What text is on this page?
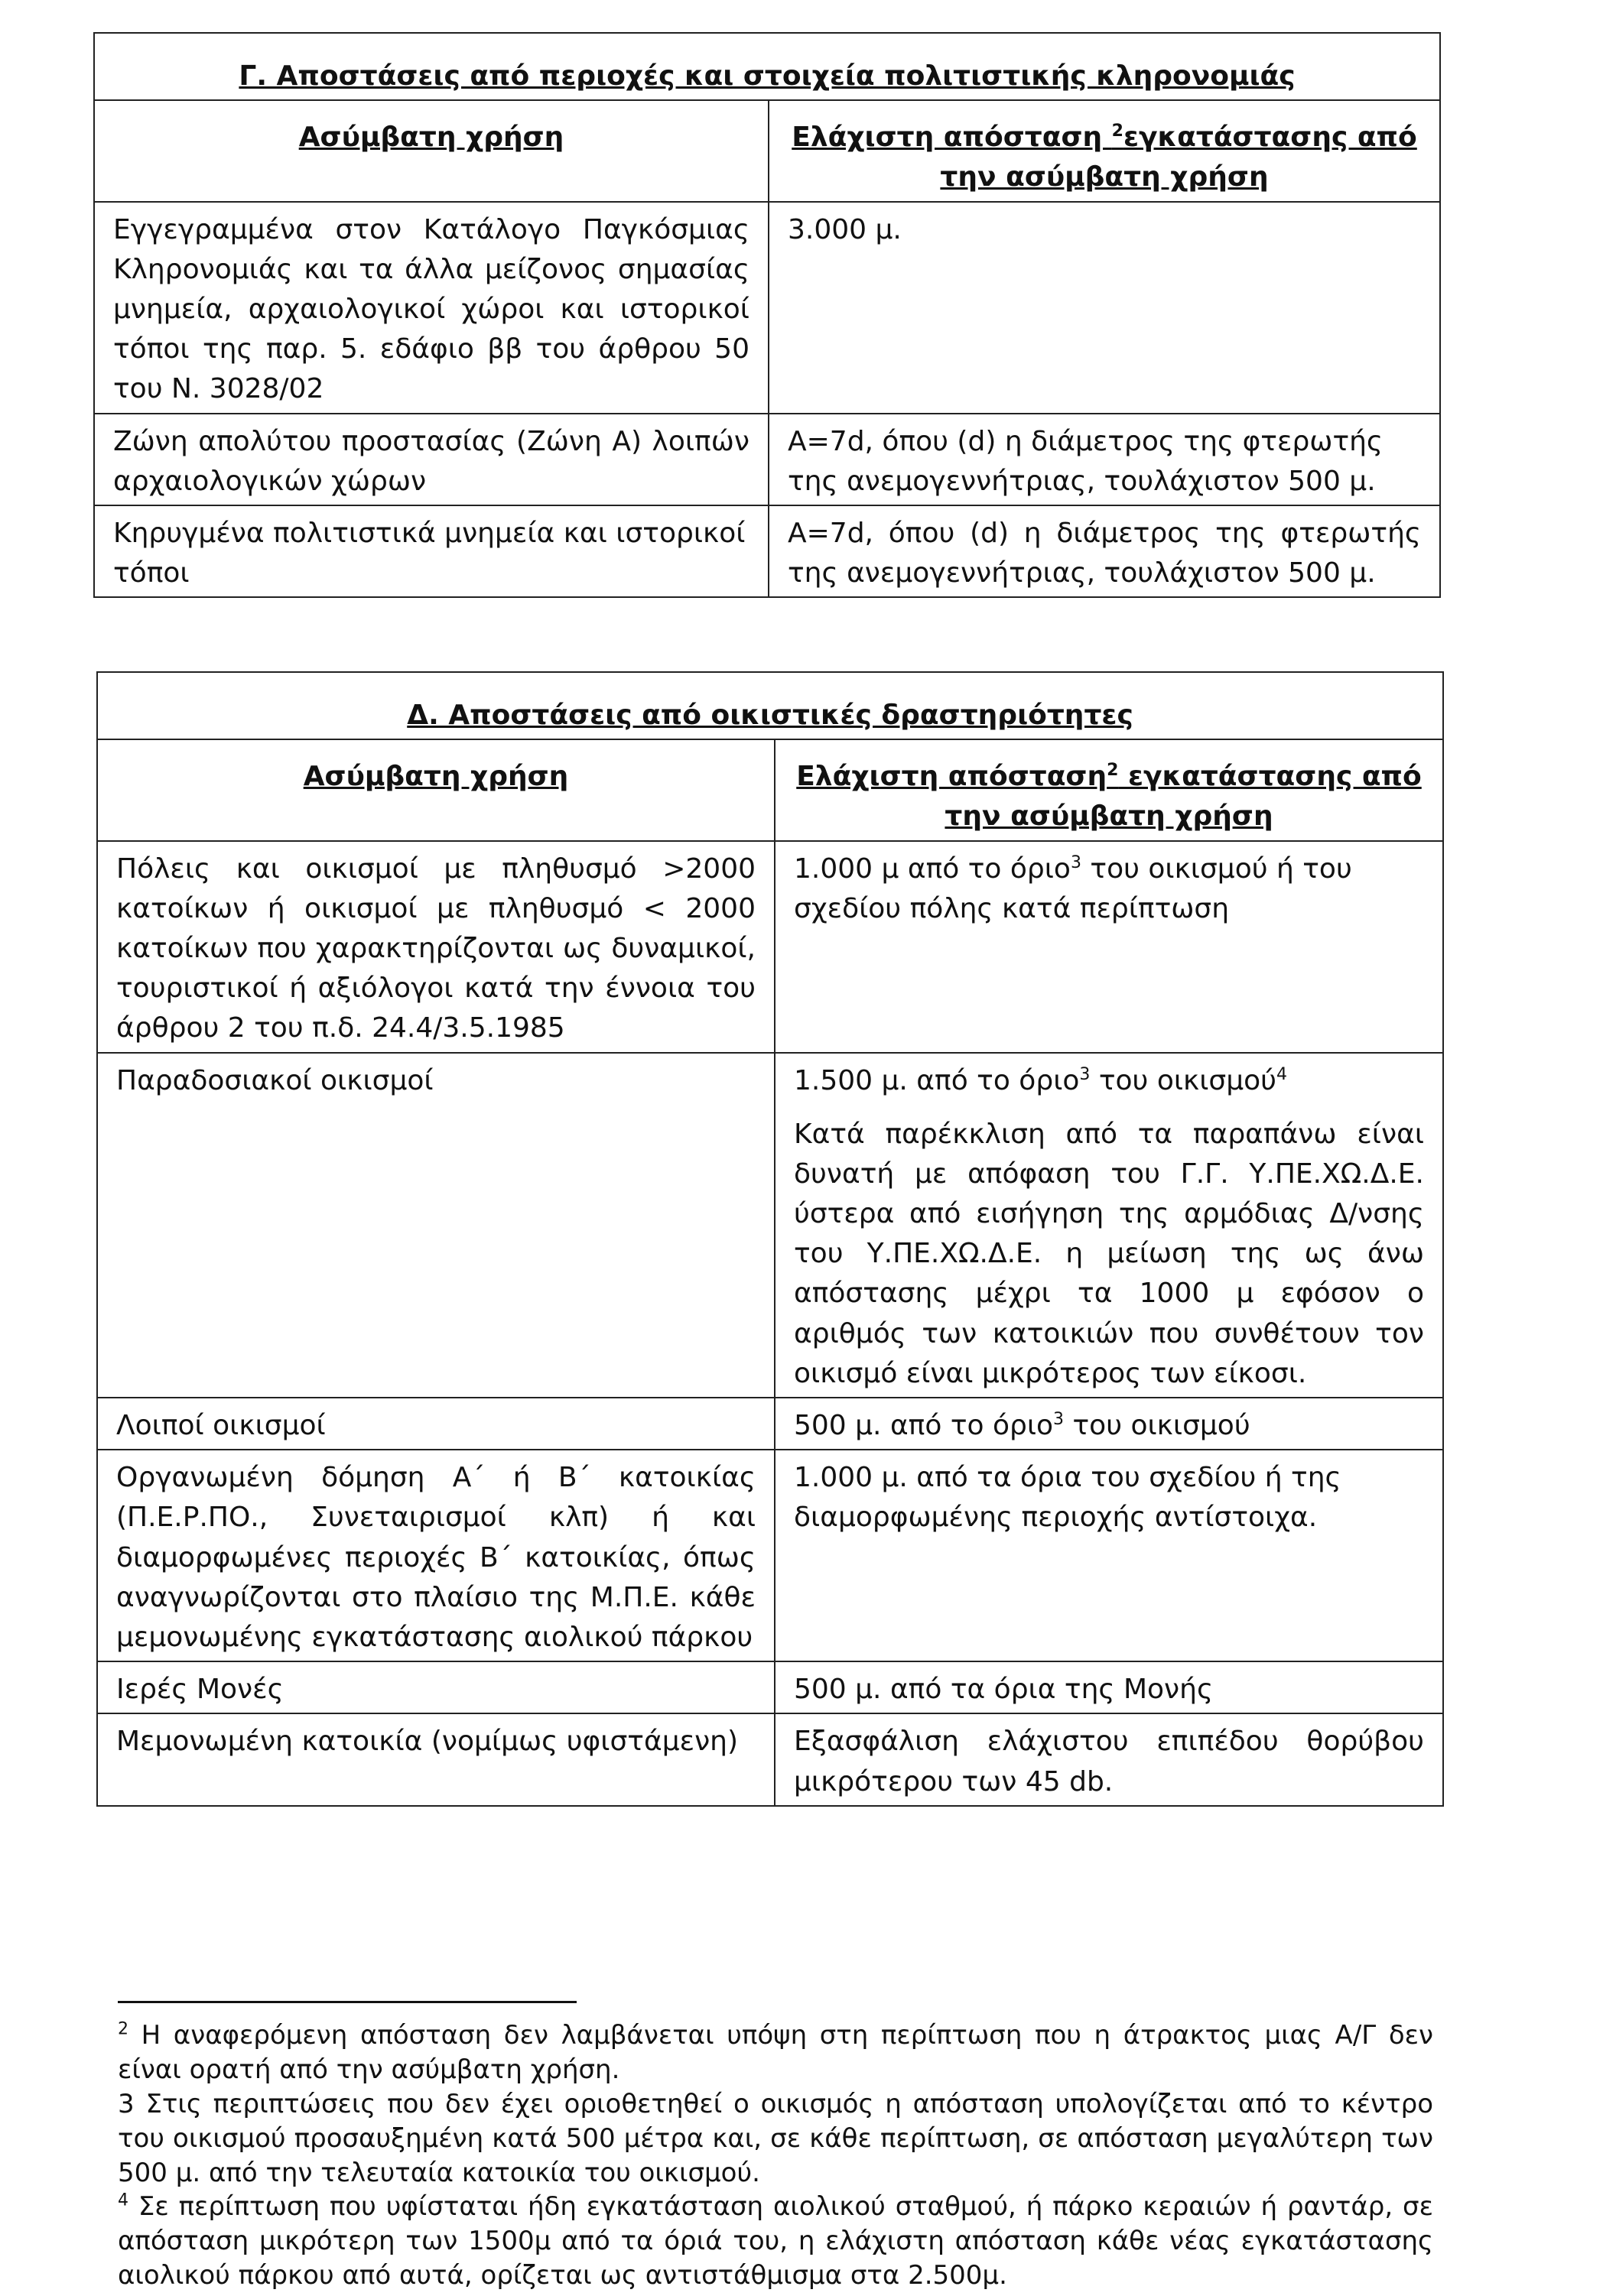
Γ. Αποστάσεις από περιοχές και στοιχεία πολιτιστικής κληρονομιάς	
Ασύμβατη χρήση	Ελάχιστη απόσταση $^2$εγκατάστασης από την ασύμβατη χρήση
Εγγεγραμμένα στον Κατάλογο Παγκόσμιας Κληρονομιάς και τα άλλα μείζονος σημασίας μνημεία, αρχαιολογικοί χώροι και ιστορικοί τόποι της παρ. 5. εδάφιο ββ του άρθρου 50 του Ν. 3028/02	3.000 μ.
Ζώνη απολύτου προστασίας (Ζώνη Α) λοιπών αρχαιολογικών χώρων	Α=7d, όπου (d) η διάμετρος της φτερωτής της ανεμογεννήτριας, τουλάχιστον 500 μ.
Κηρυγμένα πολιτιστικά μνημεία και ιστορικοί τόποι	Α=7d, όπου (d) η διάμετρος της φτερωτής της ανεμογεννήτριας, τουλάχιστον 500 μ.
Δ. Αποστάσεις από οικιστικές δραστηριότητες	
Ασύμβατη χρήση	Ελάχιστη απόσταση$^2$ εγκατάστασης από την ασύμβατη χρήση
Πόλεις και οικισμοί με πληθυσμό >2000 κατοίκων ή οικισμοί με πληθυσμό < 2000 κατοίκων που χαρακτηρίζονται ως δυναμικοί, τουριστικοί ή αξιόλογοι κατά την έννοια του άρθρου 2 του π.δ. 24.4/3.5.1985	1.000 μ από το όριο$^3$ του οικισμού ή του σχεδίου πόλης κατά περίπτωση
Παραδοσιακοί οικισμοί	1.500 μ. από το όριο$^3$ του οικισμού$^4$
Κατά παρέκκλιση από τα παραπάνω είναι δυνατή με απόφαση του Γ.Γ. Υ.ΠΕ.ΧΩ.Δ.Ε. ύστερα από εισήγηση της αρμόδιας Δ/νσης του Υ.ΠΕ.ΧΩ.Δ.Ε. η μείωση της ως άνω απόστασης μέχρι τα 1000 μ εφόσον ο αριθμός των κατοικιών που συνθέτουν τον οικισμό είναι μικρότερος των είκοσι.

Λοιποί οικισμοί	500 μ. από το όριο$^3$ του οικισμού
Οργανωμένη δόμηση Α΄ ή Β΄ κατοικίας (Π.Ε.Ρ.ΠΟ., Συνεταιρισμοί κλπ) ή και διαμορφωμένες περιοχές Β΄ κατοικίας, όπως αναγνωρίζονται στο πλαίσιο της Μ.Π.Ε. κάθε μεμονωμένης εγκατάστασης αιολικού πάρκου	1.000 μ. από τα όρια του σχεδίου ή της διαμορφωμένης περιοχής αντίστοιχα.
Ιερές Μονές	500 μ. από τα όρια της Μονής
Μεμονωμένη κατοικία (νομίμως υφιστάμενη)	Εξασφάλιση ελάχιστου επιπέδου θορύβου μικρότερου των 45 db.

$^2$ Η αναφερόμενη απόσταση δεν λαμβάνεται υπόψη στη περίπτωση που η άτρακτος μιας Α/Γ δεν είναι ορατή από την ασύμβατη χρήση.

3 Στις περιπτώσεις που δεν έχει οριοθετηθεί ο οικισμός η απόσταση υπολογίζεται από το κέντρο του οικισμού προσαυξημένη κατά 500 μέτρα και, σε κάθε περίπτωση, σε απόσταση μεγαλύτερη των 500 μ. από την τελευταία κατοικία του οικισμού.

$^4$ Σε περίπτωση που υφίσταται ήδη εγκατάσταση αιολικού σταθμού, ή πάρκο κεραιών ή ραντάρ, σε απόσταση μικρότερη των 1500μ από τα όριά του, η ελάχιστη απόσταση κάθε νέας εγκατάστασης αιολικού πάρκου από αυτά, ορίζεται ως αντιστάθμισμα στα 2.500μ.
